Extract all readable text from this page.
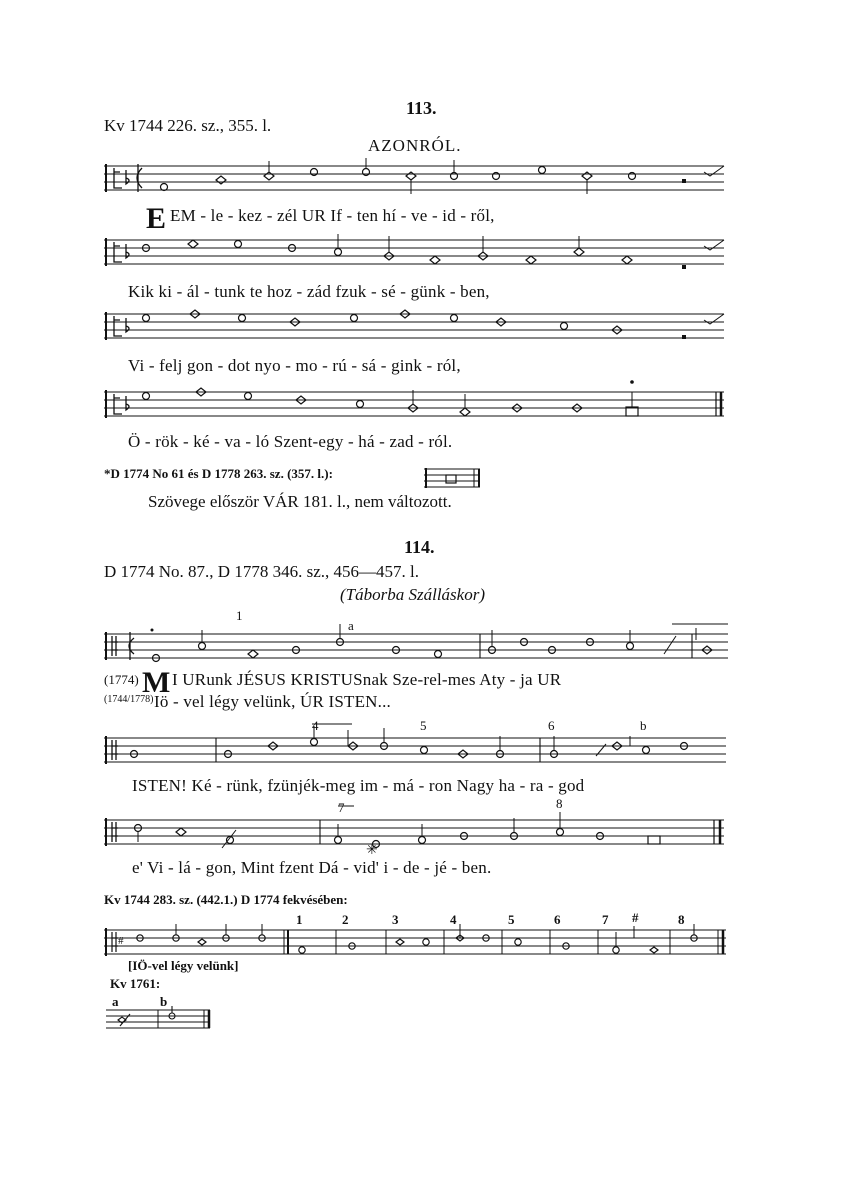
113.
Kv 1744 226. sz., 355. l.
AZONRÓL.
E EM - le - kez - zél UR If - ten hí - ve - id - ről,
Kik ki - ál - tunk te hoz - zád fzuk - sé - günk - ben,
Vi - felj gon - dot nyo - mo - rú - sá - gink - ról,
Ö - rök - ké - va - ló Szent-egy - há - zad - ról.
*D 1774 No 61 és D 1778 263. sz. (357. l.):
Szövege először VÁR 181. l., nem változott.
114.
D 1774 No. 87., D 1778 346. sz., 456—457. l.
(Táborba Szálláskor)
1
a
(1774) M I URunk JÉSUS KRISTUSnak Sze-rel-mes Aty - ja UR
(1744/1778) Iö - vel légy velünk, ÚR ISTEN...
4	5	6	b
ISTEN! Ké - rünk, fzünjék-meg im - má - ron Nagy ha - ra - god
7	8
✳
e' Vi - lá - gon, Mint fzent Dá - vid' i - de - jé - ben.
Kv 1744 283. sz. (442.1.) D 1774 fekvésében:
1	2	3	4	5	6	7 #	8
#
[IÖ-vel légy velünk]
Kv 1761:
a	b
